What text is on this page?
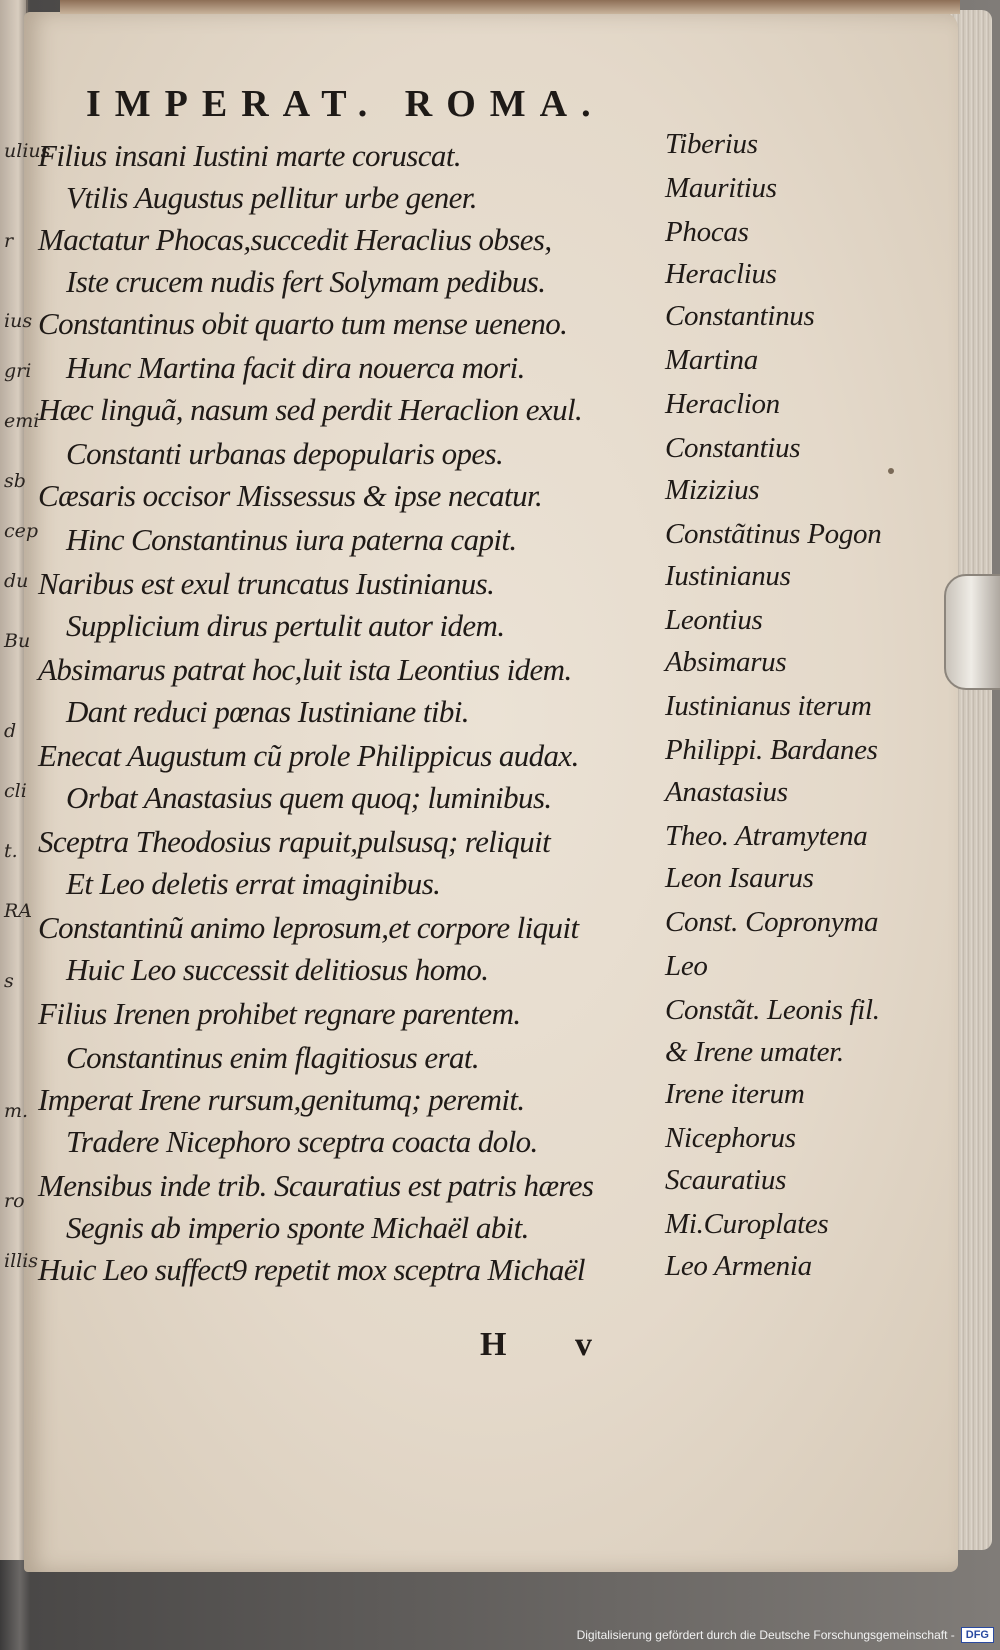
ulius
r
ius
gri
emi
sb
cep
du
Bu
d
cli
t.
RA
s
m.
ro
illis
IMPERAT. ROMA.
Filius insani Iustini marte coruscat.
Vtilis Augustus pellitur urbe gener.
Mactatur Phocas,succedit Heraclius obses,
Iste crucem nudis fert Solymam pedibus.
Constantinus obit quarto tum mense ueneno.
Hunc Martina facit dira nouerca mori.
Hæc linguã, nasum sed perdit Heraclion exul.
Constanti urbanas depopularis opes.
Cæsaris occisor Missessus & ipse necatur.
Hinc Constantinus iura paterna capit.
Naribus est exul truncatus Iustinianus.
Supplicium dirus pertulit autor idem.
Absimarus patrat hoc,luit ista Leontius idem.
Dant reduci pœnas Iustiniane tibi.
Enecat Augustum cũ prole Philippicus audax.
Orbat Anastasius quem quoq; luminibus.
Sceptra Theodosius rapuit,pulsusq; reliquit
Et Leo deletis errat imaginibus.
Constantinũ animo leprosum,et corpore liquit
Huic Leo successit delitiosus homo.
Filius Irenen prohibet regnare parentem.
Constantinus enim flagitiosus erat.
Imperat Irene rursum,genitumq; peremit.
Tradere Nicephoro sceptra coacta dolo.
Mensibus inde trib. Scauratius est patris hæres
Segnis ab imperio sponte Michaël abit.
Huic Leo suffect9 repetit mox sceptra Michaël
Tiberius
Mauritius
Phocas
Heraclius
Constantinus
Martina
Heraclion
Constantius
Mizizius
Constãtinus Pogon
Iustinianus
Leontius
Absimarus
Iustinianus iterum
Philippi. Bardanes
Anastasius
Theo. Atramytena
Leon Isaurus
Const. Copronyma
Leo
Constãt. Leonis fil.
& Irene umater.
Irene iterum
Nicephorus
Scauratius
Mi.Curoplates
Leo Armenia
H v
Digitalisierung gefördert durch die Deutsche Forschungsgemeinschaft -	DFG
